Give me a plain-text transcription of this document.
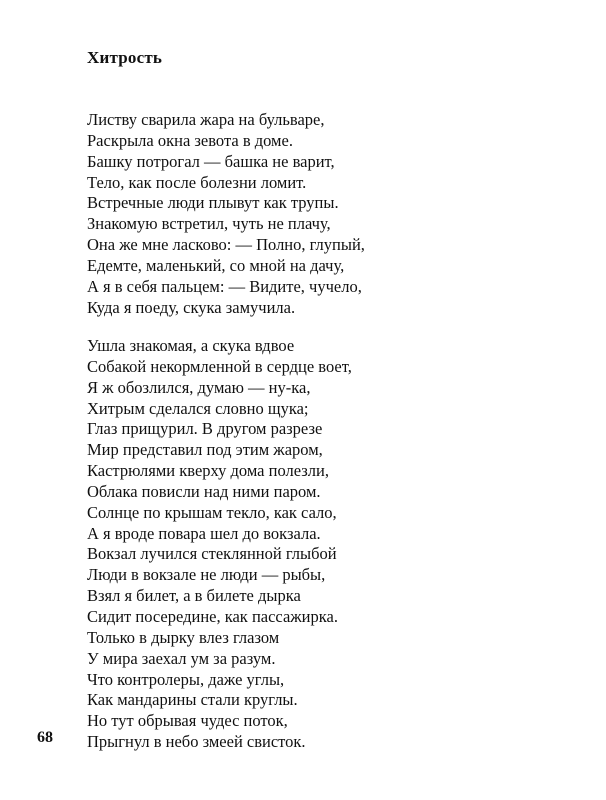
Хитрость
Листву сварила жара на бульваре,
Раскрыла окна зевота в доме.
Башку потрогал — башка не варит,
Тело, как после болезни ломит.
Встречные люди плывут как трупы.
Знакомую встретил, чуть не плачу,
Она же мне ласково: — Полно, глупый,
Едемте, маленький, со мной на дачу,
А я в себя пальцем: — Видите, чучело,
Куда я поеду, скука замучила.
Ушла знакомая, а скука вдвое
Собакой некормленной в сердце воет,
Я ж обозлился, думаю — ну-ка,
Хитрым сделался словно щука;
Глаз прищурил. В другом разрезе
Мир представил под этим жаром,
Кастрюлями кверху дома полезли,
Облака повисли над ними паром.
Солнце по крышам текло, как сало,
А я вроде повара шел до вокзала.
Вокзал лучился стеклянной глыбой
Люди в вокзале не люди — рыбы,
Взял я билет, а в билете дырка
Сидит посередине, как пассажирка.
Только в дырку влез глазом
У мира заехал ум за разум.
Что контролеры, даже углы,
Как мандарины стали круглы.
Но тут обрывая чудес поток,
Прыгнул в небо змеей свисток.
68
